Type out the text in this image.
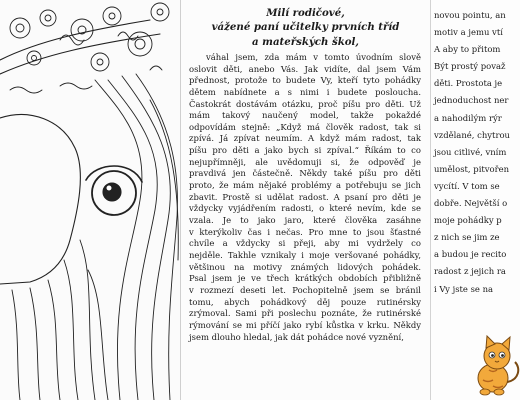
Milí rodičové,
vážené paní učitelky prvních tříd
a mateřských škol,
váhal jsem, zda mám v tomto úvodním slově
oslovit děti, anebo Vás. Jak vidíte, dal jsem Vám
přednost, protože to budete Vy, kteří tyto pohádky
dětem nabídnete a s nimi i budete posloucha.
Častokrát dostávám otázku, proč píšu pro děti. Už
mám takový naučený model, takže pokaždé
odpovídám stejně: „Když má člověk radost, tak si
zpívá. Já zpívat neumím. A když mám radost, tak
píšu pro děti a jako bych si zpíval.“ Říkám to co
nejupřímněji, ale uvědomuji si, že odpověď je
pravdivá jen částečně. Někdy také píšu pro děti
proto, že mám nějaké problémy a potřebuju se jich
zbavit. Prostě si udělat radost. A psaní pro děti je
vždycky vyjádřením radosti, o které nevím, kde se
vzala. Je to jako jaro, které člověka zasáhne
v kterýkoliv čas i nečas. Pro mne to jsou šťastné
chvíle a vždycky si přeji, aby mi vydržely co
nejděle. Takhle vznikaly i moje veršované pohádky,
většinou na motivy známých lidových pohádek.
Psal jsem je ve třech krátkých obdobích přibližně
v rozmezí deseti let. Pochopitelně jsem se bránil
tomu, abych pohádkový děj pouze rutinérsky
zrýmoval. Sami při poslechu poznáte, že rutinérské
rýmování se mi příčí jako rybí kůstka v krku. Někdy
jsem dlouho hledal, jak dát pohádce nové vyznění,
novou pointu, an
motiv a jemu vtí
A aby to přitom
Být prostý považ
děti. Prostota je
jednoduchost ner
a nahodilým rýr
vzdělané, chytrou
jsou citlivé, vním
umělost, pitvořen
vycítí. V tom se
dobře. Největší o
moje pohádky p
z nich se jim ze
a budou je recito
radost z jejich ra
i Vy jste se na
